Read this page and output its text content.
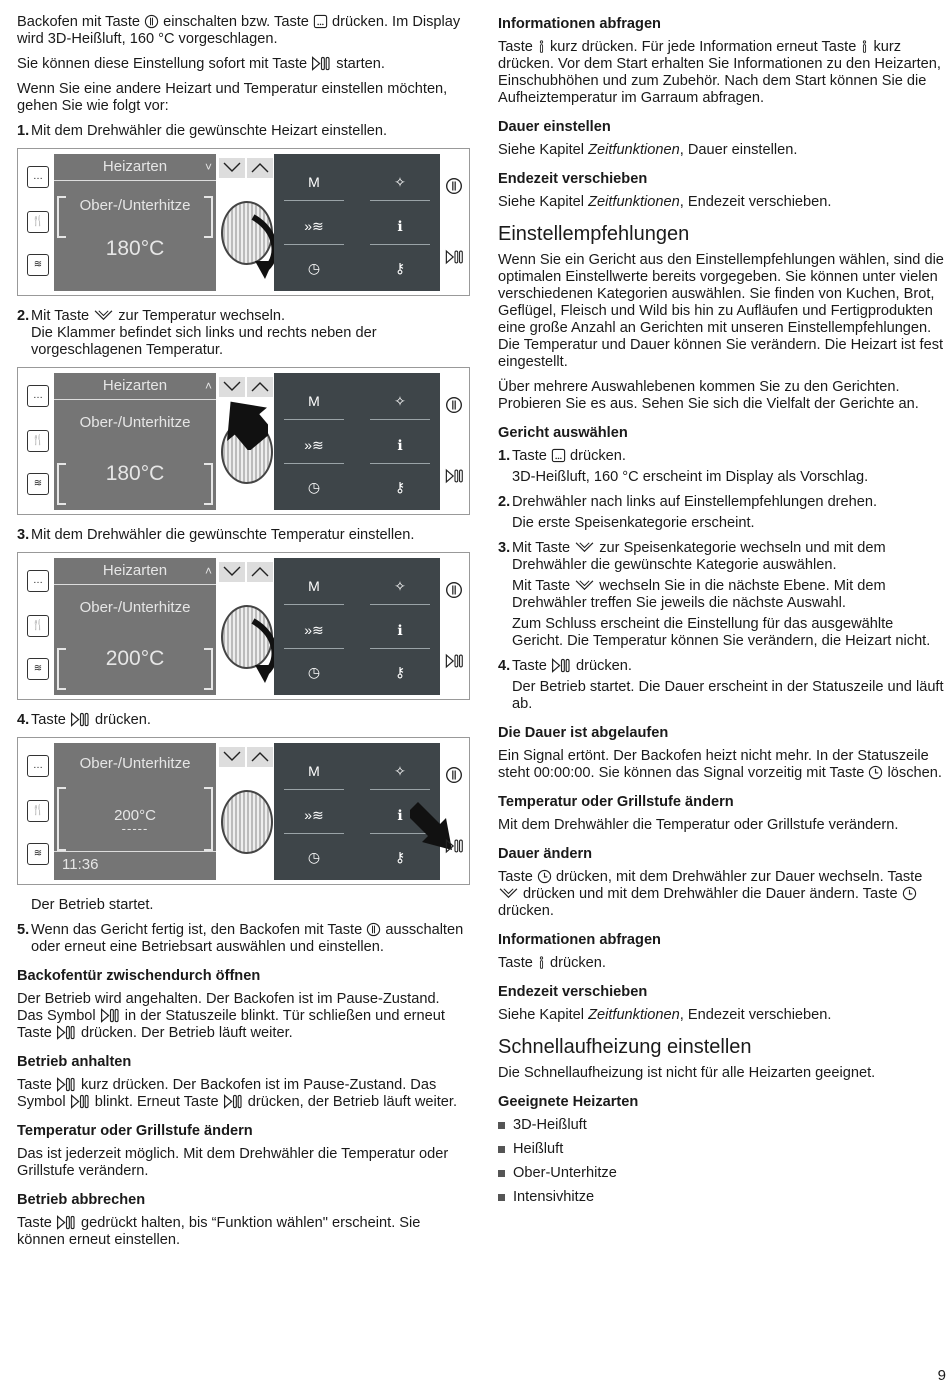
Backofen mit Taste
einschalten bzw. Taste
drücken. Im Display wird 3D-Heißluft, 160 °C vorgeschlagen.

Sie können diese Einstellung sofort mit Taste
starten.

Wenn Sie eine andere Heizart und Temperatur einstellen möchten, gehen Sie wie folgt vor:

1. Mit dem Drehwähler die gewünschte Heizart einstellen.
…
🍴
≋
Heizarten	˅
Ober-/Unterhitze
180°C
M	✧
»≋	ℹ
◷	⚷
2. Mit Taste
zur Temperatur wechseln.
Die Klammer befindet sich links und rechts neben der vorgeschlagenen Temperatur.
…
🍴
≋
Heizarten	˄
Ober-/Unterhitze
180°C
M	✧
»≋	ℹ
◷	⚷
3. Mit dem Drehwähler die gewünschte Temperatur einstellen.
…
🍴
≋
Heizarten	˄
Ober-/Unterhitze
200°C
M	✧
»≋	ℹ
◷	⚷
4. Taste
drücken.
…
🍴
≋
Ober-/Unterhitze
200°C
-----
11:36
M	✧
»≋	ℹ
◷	⚷

Der Betrieb startet.

5. Wenn das Gericht fertig ist, den Backofen mit Taste
ausschalten oder erneut eine Betriebsart auswählen und einstellen.
Backofentür zwischendurch öffnen

Der Betrieb wird angehalten. Der Backofen ist im Pause-Zustand. Das Symbol
in der Statuszeile blinkt. Tür schließen und erneut Taste
drücken. Der Betrieb läuft weiter.

Betrieb anhalten

Taste
kurz drücken. Der Backofen ist im Pause-Zustand. Das Symbol
blinkt. Erneut Taste
drücken, der Betrieb läuft weiter.

Temperatur oder Grillstufe ändern

Das ist jederzeit möglich. Mit dem Drehwähler die Temperatur oder Grillstufe verändern.

Betrieb abbrechen

Taste
gedrückt halten, bis “Funktion wählen" erscheint. Sie können erneut einstellen.

Informationen abfragen

Taste
kurz drücken. Für jede Information erneut Taste
kurz drücken. Vor dem Start erhalten Sie Informationen zu den Heizarten, Einschubhöhen und zum Zubehör. Nach dem Start können Sie die Aufheiztemperatur im Garraum abfragen.

Dauer einstellen

Siehe Kapitel Zeitfunktionen, Dauer einstellen.

Endezeit verschieben

Siehe Kapitel Zeitfunktionen, Endezeit verschieben.

Einstellempfehlungen

Wenn Sie ein Gericht aus den Einstellempfehlungen wählen, sind die optimalen Einstellwerte bereits vorgegeben. Sie können unter vielen verschiedenen Kategorien auswählen. Sie finden von Kuchen, Brot, Geflügel, Fleisch und Wild bis hin zu Aufläufen und Fertigprodukten eine große Anzahl an Gerichten mit unseren Einstellempfehlungen. Die Temperatur und Dauer können Sie verändern. Die Heizart ist fest eingestellt.

Über mehrere Auswahlebenen kommen Sie zu den Gerichten. Probieren Sie es aus. Sehen Sie sich die Vielfalt der Gerichte an.

Gericht auswählen
1. Taste
drücken.

3D-Heißluft, 160 °C erscheint im Display als Vorschlag.

2. Drehwähler nach links auf Einstellempfehlungen drehen.

Die erste Speisenkategorie erscheint.

3. Mit Taste
zur Speisenkategorie wechseln und mit dem Drehwähler die gewünschte Kategorie auswählen.

Mit Taste
wechseln Sie in die nächste Ebene. Mit dem Drehwähler treffen Sie jeweils die nächste Auswahl.

Zum Schluss erscheint die Einstellung für das ausgewählte Gericht. Die Temperatur können Sie verändern, die Heizart nicht.

4. Taste
drücken.

Der Betrieb startet. Die Dauer erscheint in der Statuszeile und läuft ab.

Die Dauer ist abgelaufen

Ein Signal ertönt. Der Backofen heizt nicht mehr. In der Statuszeile steht 00:00:00. Sie können das Signal vorzeitig mit Taste
löschen.

Temperatur oder Grillstufe ändern

Mit dem Drehwähler die Temperatur oder Grillstufe verändern.

Dauer ändern

Taste
drücken, mit dem Drehwähler zur Dauer wechseln. Taste
drücken und mit dem Drehwähler die Dauer ändern. Taste
drücken.

Informationen abfragen

Taste
drücken.

Endezeit verschieben

Siehe Kapitel Zeitfunktionen, Endezeit verschieben.

Schnellaufheizung einstellen

Die Schnellaufheizung ist nicht für alle Heizarten geeignet.

Geeignete Heizarten
3D-Heißluft
Heißluft
Ober-Unterhitze
Intensivhitze
9
